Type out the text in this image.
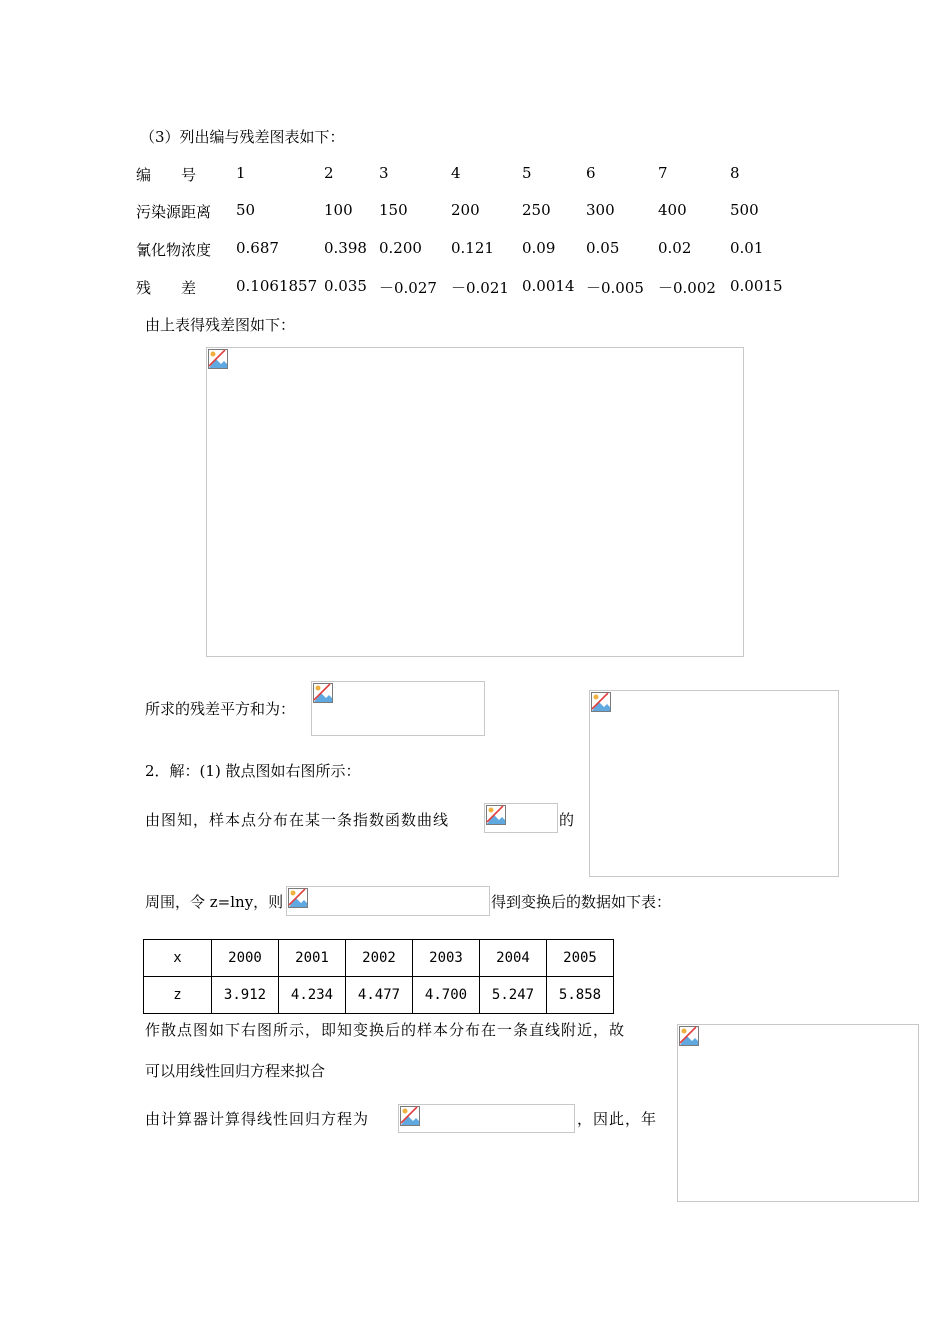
（3）列出编与残差图表如下：
编　　号	1	2	3	4	5	6	7	8
污染源距离 50	100 150	200	250 300	400	500
氰化物浓度 0.687	0.398 0.200 0.121 0.09 0.05	0.02	0.01
残　　差	0.1061857 0.035 －0.027 －0.021 0.0014 －0.005 －0.002 0.0015
由上表得残差图如下：
所求的残差平方和为：
2．解：(1) 散点图如右图所示：
由图知，样本点分布在某一条指数函数曲线	的
周围，令 z=lny，则	得到变换后的数据如下表：
x	2000	2001	2002	2003	2004	2005
z	3.912	4.234	4.477	4.700	5.247	5.858
作散点图如下右图所示，即知变换后的样本分布在一条直线附近，故
可以用线性回归方程来拟合
由计算器计算得线性回归方程为	，因此，年
